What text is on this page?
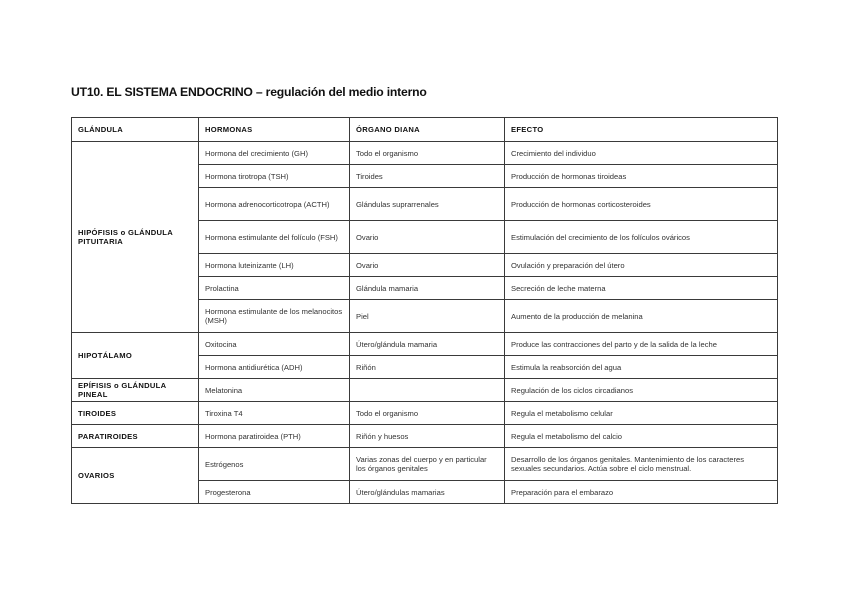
UT10. EL SISTEMA ENDOCRINO – regulación del medio interno
GLÁNDULA	HORMONAS	ÓRGANO DIANA	EFECTO
HIPÓFISIS o GLÁNDULA PITUITARIA	Hormona del crecimiento (GH)	Todo el organismo	Crecimiento del individuo
	Hormona tirotropa (TSH)	Tiroides	Producción de hormonas tiroideas
	Hormona adrenocorticotropa (ACTH)	Glándulas suprarrenales	Producción de hormonas corticosteroides
	Hormona estimulante del folículo (FSH)	Ovario	Estimulación del crecimiento de los folículos ováricos
	Hormona luteinizante (LH)	Ovario	Ovulación y preparación del útero
	Prolactina	Glándula mamaria	Secreción de leche materna
	Hormona estimulante de los melanocitos (MSH)	Piel	Aumento de la producción de melanina
HIPOTÁLAMO	Oxitocina	Útero/glándula mamaria	Produce las contracciones del parto y de la salida de la leche
	Hormona antidiurética (ADH)	Riñón	Estimula la reabsorción del agua
EPÍFISIS o GLÁNDULA PINEAL	Melatonina		Regulación de los ciclos circadianos
TIROIDES	Tiroxina T4	Todo el organismo	Regula el metabolismo celular
PARATIROIDES	Hormona paratiroidea (PTH)	Riñón y huesos	Regula el metabolismo del calcio
OVARIOS	Estrógenos	Varias zonas del cuerpo y en particular los órganos genitales	Desarrollo de los órganos genitales. Mantenimiento de los caracteres sexuales secundarios. Actúa sobre el ciclo menstrual.
	Progesterona	Útero/glándulas mamarias	Preparación para el embarazo
